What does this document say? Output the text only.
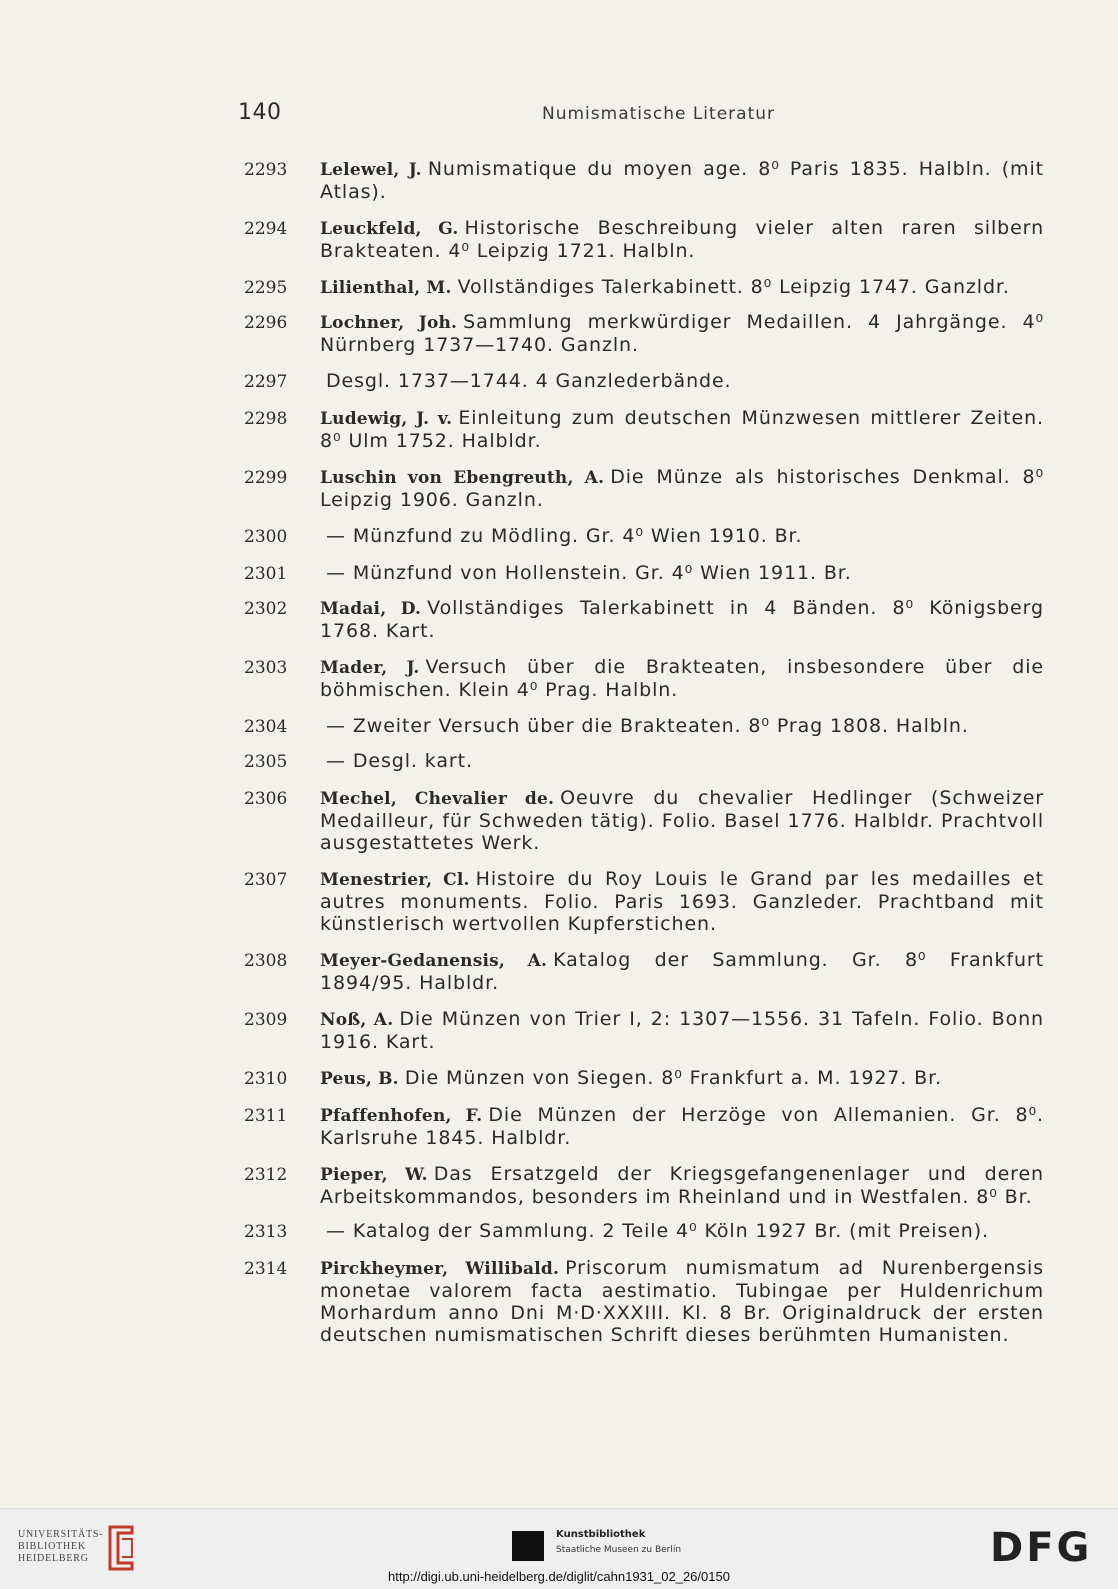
140	Numismatische Literatur
2293	Lelewel, J. Numismatique du moyen age. 8⁰ Paris 1835. Halbln. (mit Atlas).
2294	Leuckfeld, G. Historische Beschreibung vieler alten raren silbern Brakteaten. 4⁰ Leipzig 1721. Halbln.
2295	Lilienthal, M. Vollständiges Talerkabinett. 8⁰ Leipzig 1747. Ganzldr.
2296	Lochner, Joh. Sammlung merkwürdiger Medaillen. 4 Jahrgänge. 4⁰ Nürnberg 1737—1740. Ganzln.
2297	Desgl. 1737—1744. 4 Ganzlederbände.
2298	Ludewig, J. v. Einleitung zum deutschen Münzwesen mittlerer Zeiten. 8⁰ Ulm 1752. Halbldr.
2299	Luschin von Ebengreuth, A. Die Münze als historisches Denkmal. 8⁰ Leipzig 1906. Ganzln.
2300	— Münzfund zu Mödling. Gr. 4⁰ Wien 1910. Br.
2301	— Münzfund von Hollenstein. Gr. 4⁰ Wien 1911. Br.
2302	Madai, D. Vollständiges Talerkabinett in 4 Bänden. 8⁰ Königsberg 1768. Kart.
2303	Mader, J. Versuch über die Brakteaten, insbesondere über die böhmischen. Klein 4⁰ Prag. Halbln.
2304	— Zweiter Versuch über die Brakteaten. 8⁰ Prag 1808. Halbln.
2305	— Desgl. kart.
2306	Mechel, Chevalier de. Oeuvre du chevalier Hedlinger (Schweizer Medailleur, für Schweden tätig). Folio. Basel 1776. Halbldr. Prachtvoll ausgestattetes Werk.
2307	Menestrier, Cl. Histoire du Roy Louis le Grand par les medailles et autres monuments. Folio. Paris 1693. Ganzleder. Prachtband mit künstlerisch wertvollen Kupferstichen.
2308	Meyer-Gedanensis, A. Katalog der Sammlung. Gr. 8⁰ Frankfurt 1894/95. Halbldr.
2309	Noß, A. Die Münzen von Trier I, 2: 1307—1556. 31 Tafeln. Folio. Bonn 1916. Kart.
2310	Peus, B. Die Münzen von Siegen. 8⁰ Frankfurt a. M. 1927. Br.
2311	Pfaffenhofen, F. Die Münzen der Herzöge von Allemanien. Gr. 8⁰. Karlsruhe 1845. Halbldr.
2312	Pieper, W. Das Ersatzgeld der Kriegsgefangenenlager und deren Arbeitskommandos, besonders im Rheinland und in Westfalen. 8⁰ Br.
2313	— Katalog der Sammlung. 2 Teile 4⁰ Köln 1927 Br. (mit Preisen).
2314	Pirckheymer, Willibald. Priscorum numismatum ad Nurenbergensis monetae valorem facta aestimatio. Tubingae per Huldenrichum Morhardum anno Dni M·D·XXXIII. Kl. 8 Br. Originaldruck der ersten deutschen numismatischen Schrift dieses berühmten Humanisten.
UNIVERSITÄTS-
BIBLIOTHEK
HEIDELBERG
Kunstbibliothek
Staatliche Museen zu Berlin	DFG
http://digi.ub.uni-heidelberg.de/diglit/cahn1931_02_26/0150
